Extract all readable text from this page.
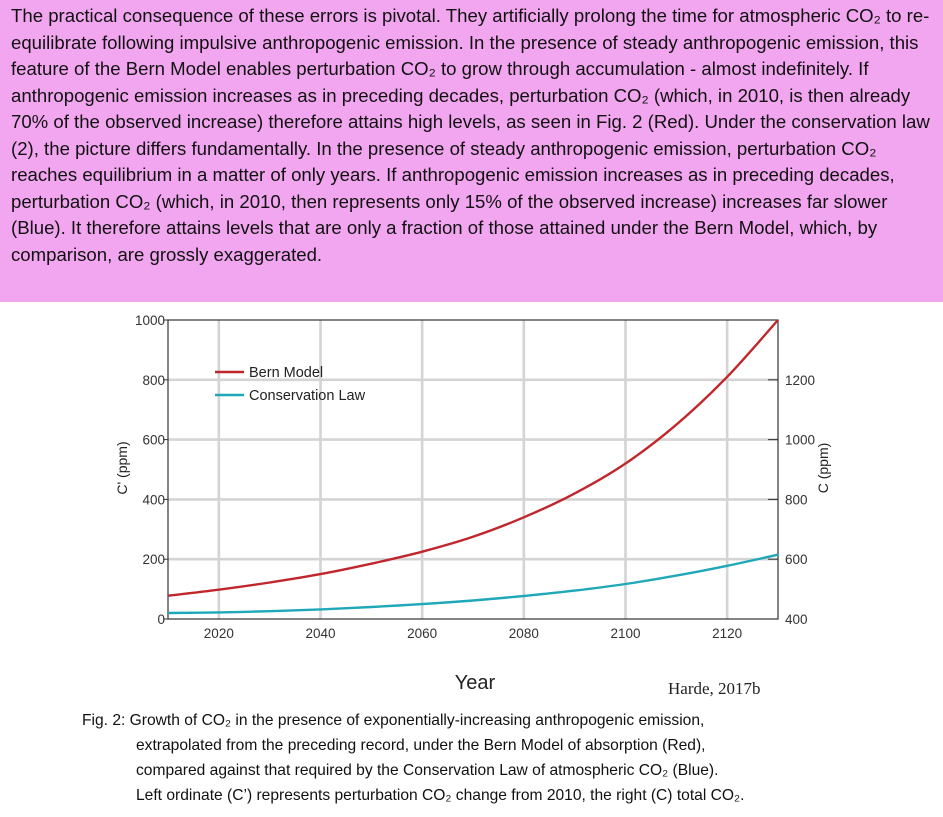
The practical consequence of these errors is pivotal. They artificially prolong the time for atmospheric CO₂ to re-equilibrate following impulsive anthropogenic emission. In the presence of steady anthropogenic emission, this feature of the Bern Model enables perturbation CO₂ to grow through accumulation - almost indefinitely. If anthropogenic emission increases as in preceding decades, perturbation CO₂ (which, in 2010, is then already 70% of the observed increase) therefore attains high levels, as seen in Fig. 2 (Red). Under the conservation law (2), the picture differs fundamentally. In the presence of steady anthropogenic emission, perturbation CO₂ reaches equilibrium in a matter of only years. If anthropogenic emission increases as in preceding decades, perturbation CO₂ (which, in 2010, then represents only 15% of the observed increase) increases far slower (Blue). It therefore attains levels that are only a fraction of those attained under the Bern Model, which, by comparison, are grossly exaggerated.

0
200
400
600
800
1000
400
600
800
1000
1200
2020	2040	2060	2080	2100	2120
Bern Model
Conservation Law
C' (ppm)	C (ppm)
Year	Harde, 2017b
Fig. 2: Growth of CO₂ in the presence of exponentially-increasing anthropogenic emission,
extrapolated from the preceding record, under the Bern Model of absorption (Red),
compared against that required by the Conservation Law of atmospheric CO₂ (Blue).
Left ordinate (C’) represents perturbation CO₂ change from 2010, the right (C) total CO₂.
